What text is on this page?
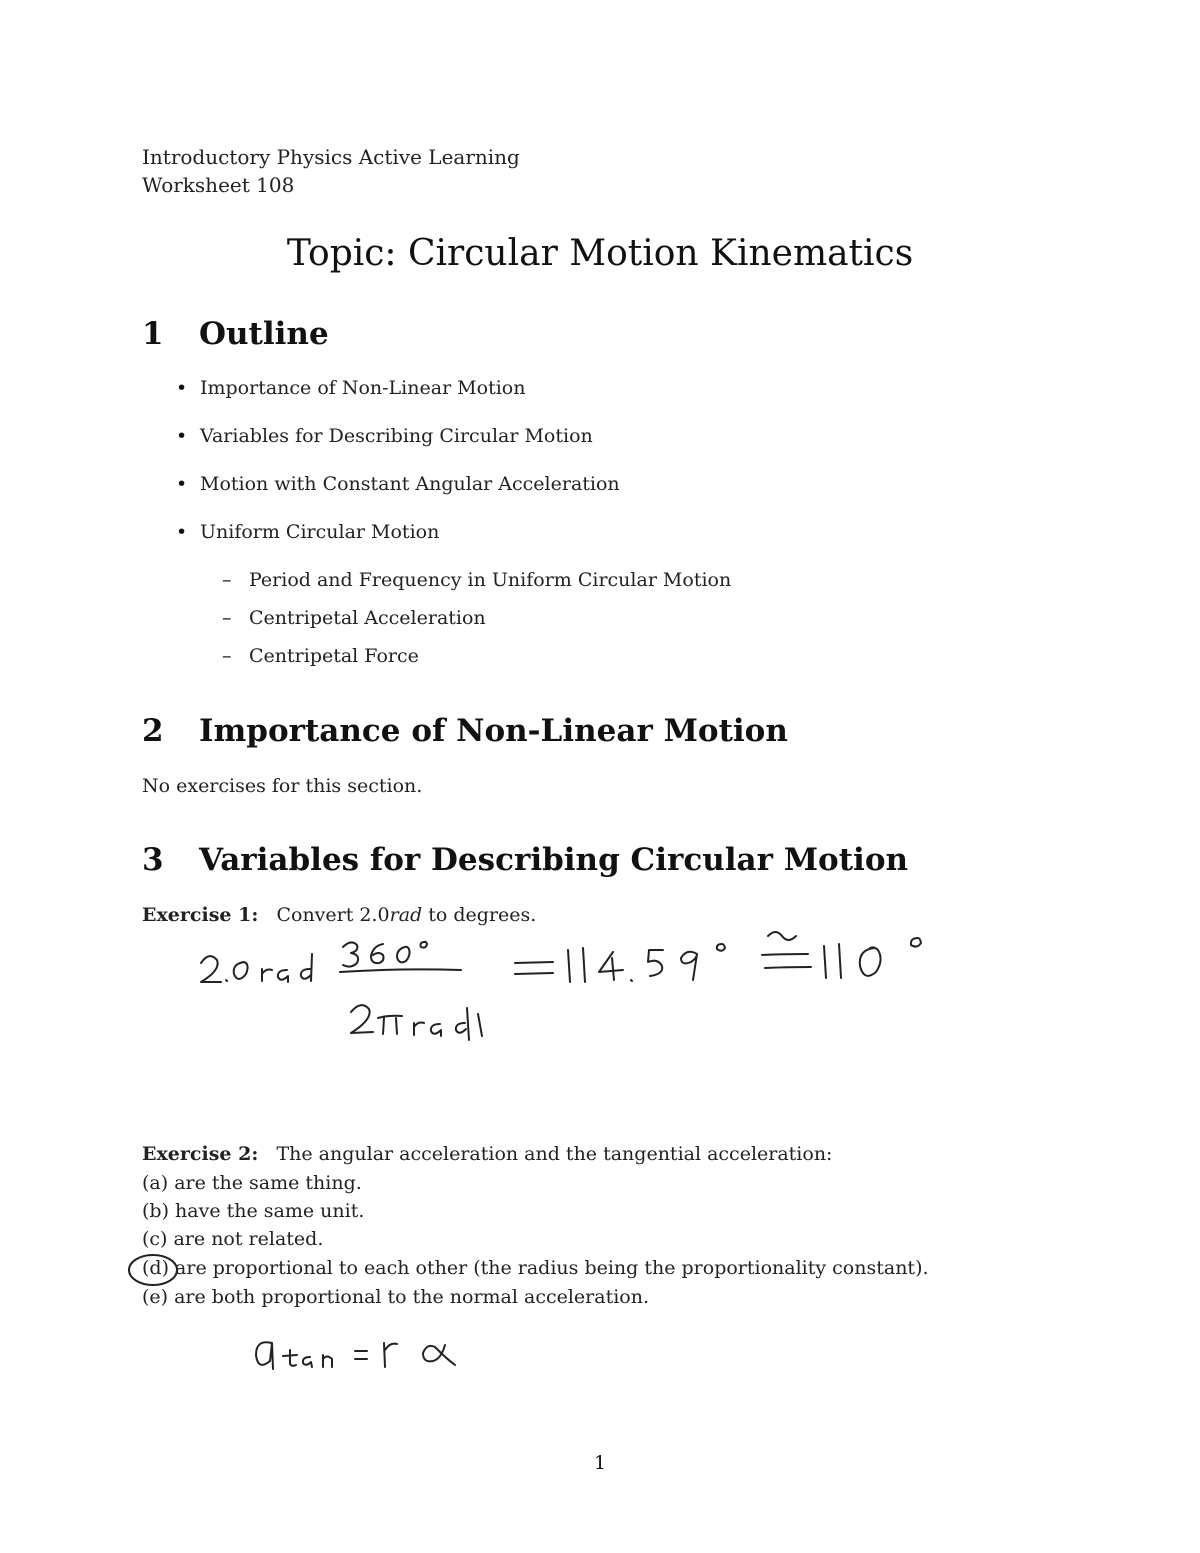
Introductory Physics Active Learning
Worksheet 108
Topic: Circular Motion Kinematics
1 Outline
• Importance of Non-Linear Motion
• Variables for Describing Circular Motion
• Motion with Constant Angular Acceleration
• Uniform Circular Motion
– Period and Frequency in Uniform Circular Motion
– Centripetal Acceleration
– Centripetal Force
2 Importance of Non-Linear Motion
No exercises for this section.
3 Variables for Describing Circular Motion
Exercise 1: Convert 2.0rad to degrees.
Exercise 2: The angular acceleration and the tangential acceleration:
(a) are the same thing.
(b) have the same unit.
(c) are not related.
(d) are proportional to each other (the radius being the proportionality constant).
(e) are both proportional to the normal acceleration.
1
